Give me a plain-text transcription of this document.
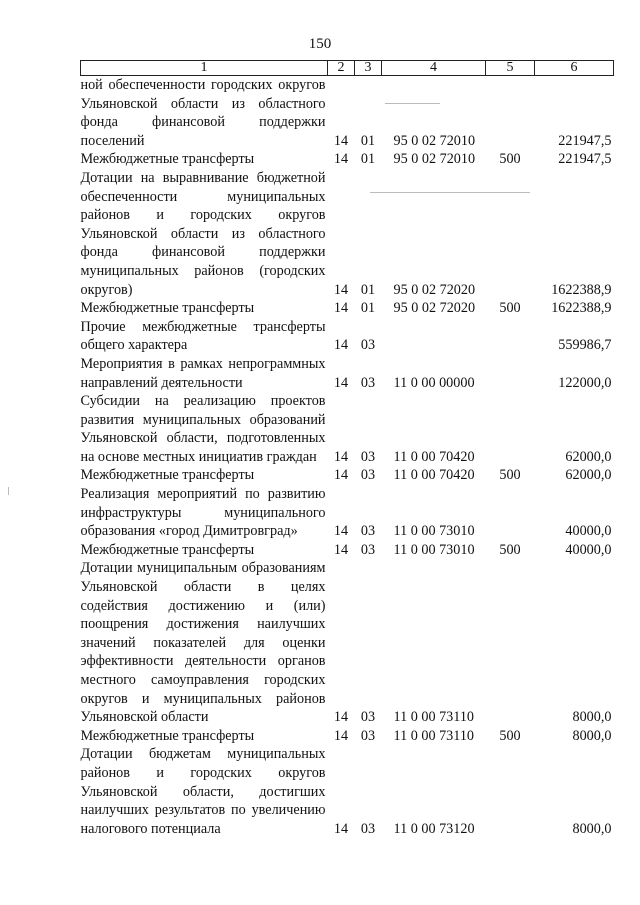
150
1	2	3	4	5	6
ной обеспеченности городских округов Ульяновской области из областного фонда финансовой поддержки поселений	14	01	95 0 02 72010		221947,5
Межбюджетные трансферты	14	01	95 0 02 72010	500	221947,5
Дотации на выравнивание бюджетной обеспеченности муниципальных районов и городских округов Ульяновской области из областного фонда финансовой поддержки муниципальных районов (городских округов)	14	01	95 0 02 72020		1622388,9
Межбюджетные трансферты	14	01	95 0 02 72020	500	1622388,9
Прочие межбюджетные трансферты общего характера	14	03			559986,7
Мероприятия в рамках непрограммных направлений деятельности	14	03	11 0 00 00000		122000,0
Субсидии на реализацию проектов развития муниципальных образований Ульяновской области, подготовленных на основе местных инициатив граждан	14	03	11 0 00 70420		62000,0
Межбюджетные трансферты	14	03	11 0 00 70420	500	62000,0
Реализация мероприятий по развитию инфраструктуры муниципального образования «город Димитровград»	14	03	11 0 00 73010		40000,0
Межбюджетные трансферты	14	03	11 0 00 73010	500	40000,0
Дотации муниципальным образованиям Ульяновской области в целях содействия достижению и (или) поощрения достижения наилучших значений показателей для оценки эффективности деятельности органов местного самоуправления городских округов и муниципальных районов Ульяновской области	14	03	11 0 00 73110		8000,0
Межбюджетные трансферты	14	03	11 0 00 73110	500	8000,0
Дотации бюджетам муниципальных районов и городских округов Ульяновской области, достигших наилучших результатов по увеличению налогового потенциала	14	03	11 0 00 73120		8000,0
